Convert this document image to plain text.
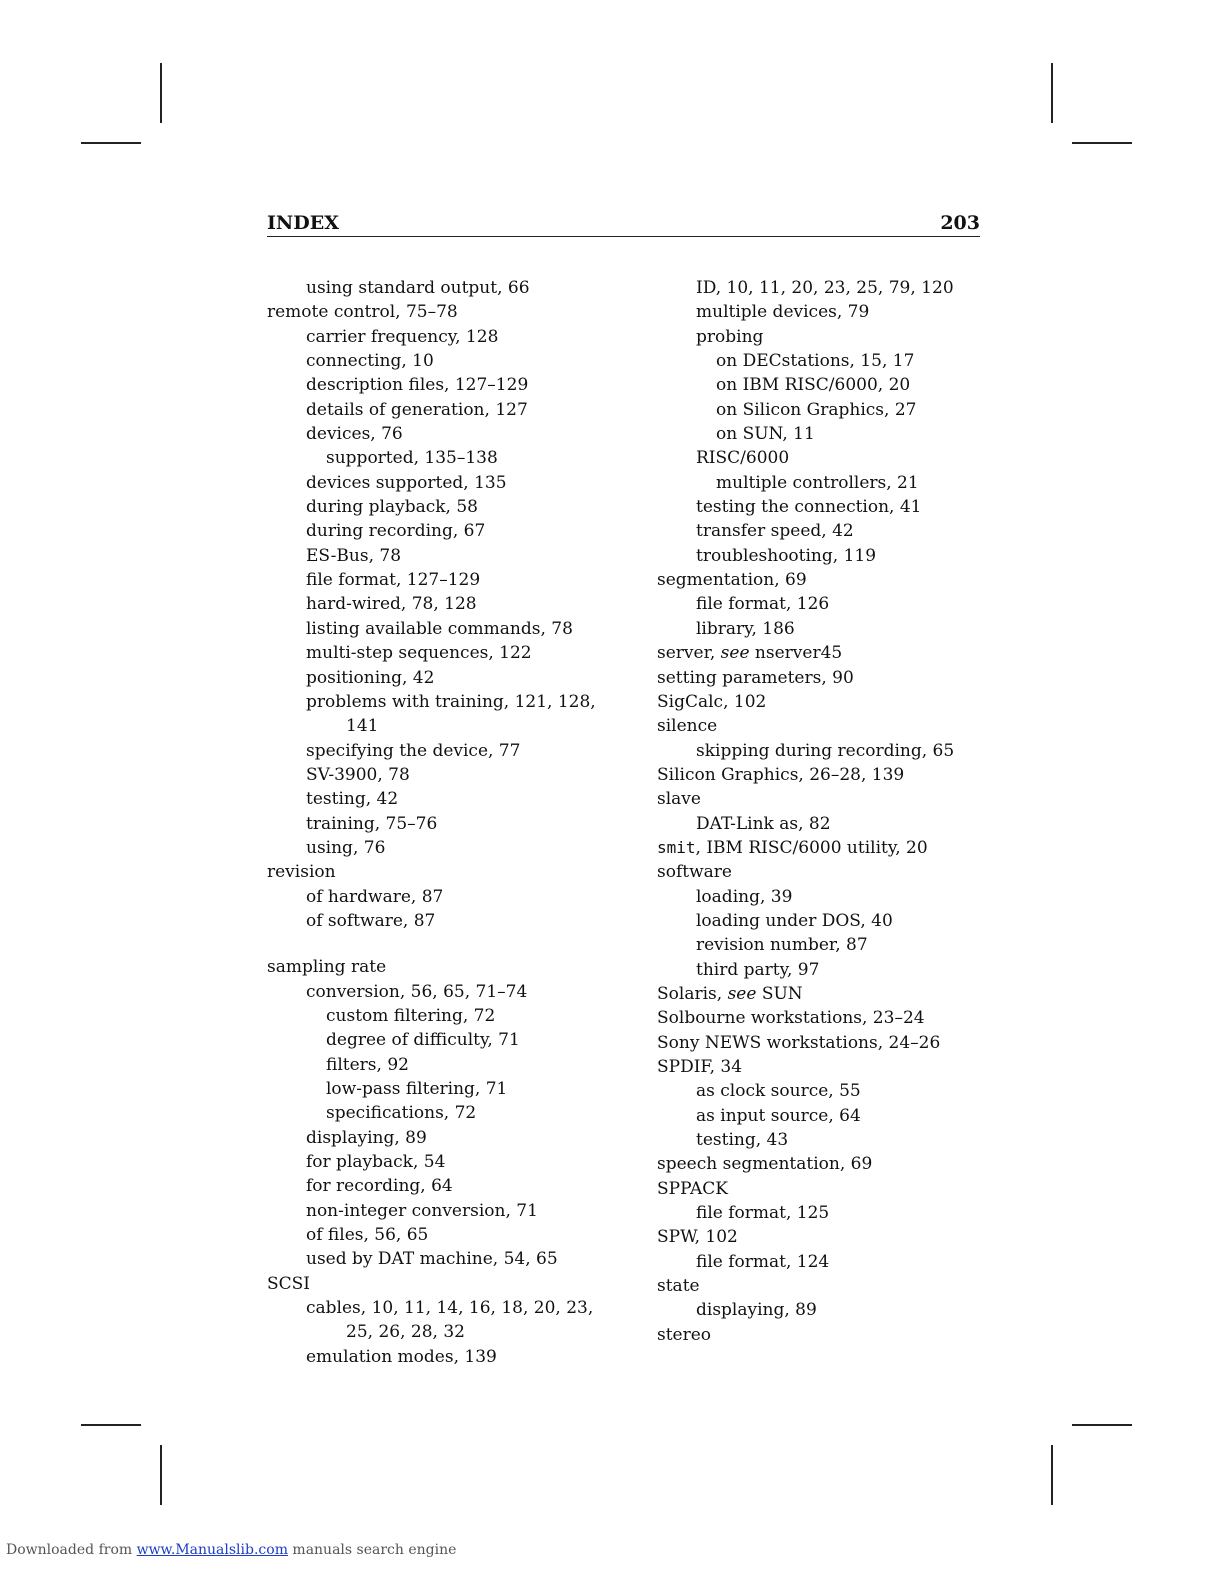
INDEX	203
using standard output, 66
remote control, 75–78
carrier frequency, 128
connecting, 10
description files, 127–129
details of generation, 127
devices, 76
supported, 135–138
devices supported, 135
during playback, 58
during recording, 67
ES-Bus, 78
file format, 127–129
hard-wired, 78, 128
listing available commands, 78
multi-step sequences, 122
positioning, 42
problems with training, 121, 128,
141
specifying the device, 77
SV-3900, 78
testing, 42
training, 75–76
using, 76
revision
of hardware, 87
of software, 87
sampling rate
conversion, 56, 65, 71–74
custom filtering, 72
degree of difficulty, 71
filters, 92
low-pass filtering, 71
specifications, 72
displaying, 89
for playback, 54
for recording, 64
non-integer conversion, 71
of files, 56, 65
used by DAT machine, 54, 65
SCSI
cables, 10, 11, 14, 16, 18, 20, 23,
25, 26, 28, 32
emulation modes, 139
ID, 10, 11, 20, 23, 25, 79, 120
multiple devices, 79
probing
on DECstations, 15, 17
on IBM RISC/6000, 20
on Silicon Graphics, 27
on SUN, 11
RISC/6000
multiple controllers, 21
testing the connection, 41
transfer speed, 42
troubleshooting, 119
segmentation, 69
file format, 126
library, 186
server, see nserver45
setting parameters, 90
SigCalc, 102
silence
skipping during recording, 65
Silicon Graphics, 26–28, 139
slave
DAT-Link as, 82
smit, IBM RISC/6000 utility, 20
software
loading, 39
loading under DOS, 40
revision number, 87
third party, 97
Solaris, see SUN
Solbourne workstations, 23–24
Sony NEWS workstations, 24–26
SPDIF, 34
as clock source, 55
as input source, 64
testing, 43
speech segmentation, 69
SPPACK
file format, 125
SPW, 102
file format, 124
state
displaying, 89
stereo
Downloaded from www.Manualslib.com manuals search engine
